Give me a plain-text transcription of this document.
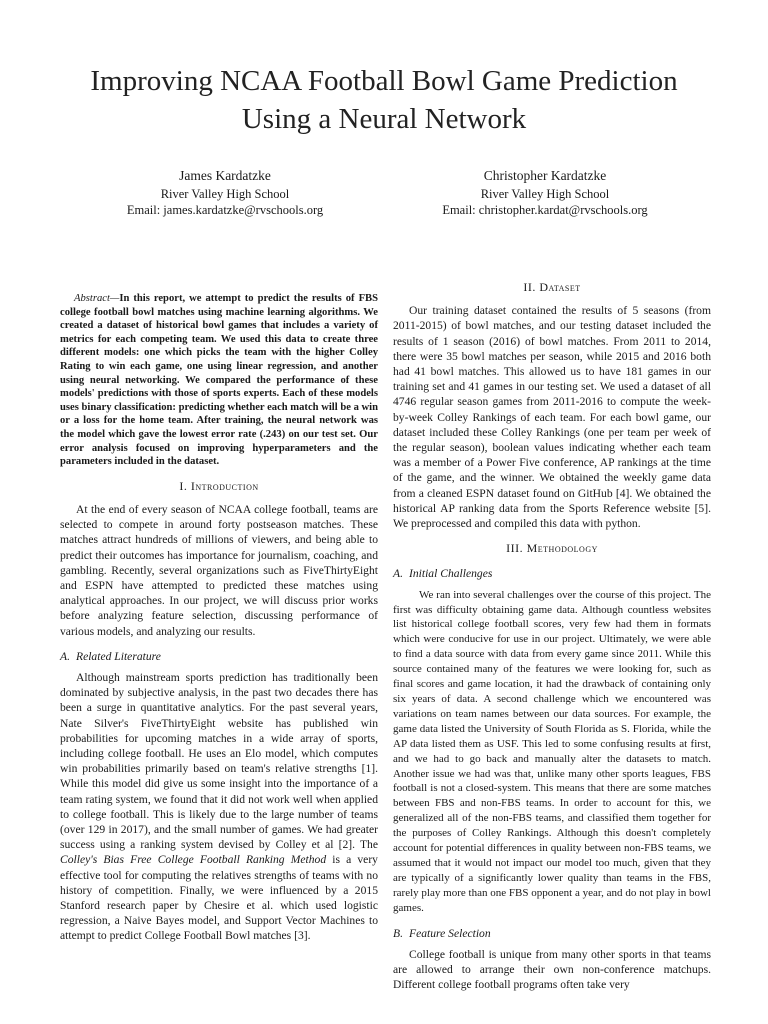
Improving NCAA Football Bowl Game Prediction
Using a Neural Network
James Kardatzke
River Valley High School
Email: james.kardatzke@rvschools.org
Christopher Kardatzke
River Valley High School
Email: christopher.kardat@rvschools.org

Abstract—In this report, we attempt to predict the results of FBS college football bowl matches using machine learning algorithms. We created a dataset of historical bowl games that includes a variety of metrics for each competing team. We used this data to create three different models: one which picks the team with the higher Colley Rating to win each game, one using linear regression, and another using neural networking. We compared the performance of these models' predictions with those of sports experts. Each of these models uses binary classification: predicting whether each match will be a win or a loss for the home team. After training, the neural network was the model which gave the lowest error rate (.243) on our test set. Our error analysis focused on improving hyperparameters and the parameters included in the dataset.

I. Introduction

At the end of every season of NCAA college football, teams are selected to compete in around forty postseason matches. These matches attract hundreds of millions of viewers, and being able to predict their outcomes has importance for journalism, coaching, and gambling. Recently, several organizations such as FiveThirtyEight and ESPN have attempted to predicted these matches using analytical approaches. In our project, we will discuss prior works before analyzing feature selection, discussing performance of various models, and analyzing our results.

A. Related Literature

Although mainstream sports prediction has traditionally been dominated by subjective analysis, in the past two decades there has been a surge in quantitative analytics. For the past several years, Nate Silver's FiveThirtyEight website has published win probabilities for upcoming matches in a wide array of sports, including college football. He uses an Elo model, which computes win probabilities primarily based on team's relative strengths [1]. While this model did give us some insight into the importance of a team rating system, we found that it did not work well when applied to college football. This is likely due to the large number of teams (over 129 in 2017), and the small number of games. We had greater success using a ranking system devised by Colley et al [2]. The Colley's Bias Free College Football Ranking Method is a very effective tool for computing the relatives strengths of teams with no history of competition. Finally, we were influenced by a 2015 Stanford research paper by Chesire et al. which used logistic regression, a Naive Bayes model, and Support Vector Machines to attempt to predict College Football Bowl matches [3].

II. Dataset

Our training dataset contained the results of 5 seasons (from 2011-2015) of bowl matches, and our testing dataset included the results of 1 season (2016) of bowl matches. From 2011 to 2014, there were 35 bowl matches per season, while 2015 and 2016 both had 41 bowl matches. This allowed us to have 181 games in our training set and 41 games in our testing set. We used a dataset of all 4746 regular season games from 2011-2016 to compute the week-by-week Colley Rankings of each team. For each bowl game, our dataset included these Colley Rankings (one per team per week of the regular season), boolean values indicating whether each team was a member of a Power Five conference, AP rankings at the time of the game, and the winner. We obtained the weekly game data from a cleaned ESPN dataset found on GitHub [4]. We obtained the historical AP ranking data from the Sports Reference website [5]. We preprocessed and compiled this data with python.

III. Methodology
A. Initial Challenges

We ran into several challenges over the course of this project. The first was difficulty obtaining game data. Although countless websites list historical college football scores, very few had them in formats which were conducive for use in our project. Ultimately, we were able to find a data source with data from every game since 2011. While this source contained many of the features we were looking for, such as final scores and game location, it had the drawback of containing only six years of data. A second challenge which we encountered was variations on team names between our data sources. For example, the game data listed the University of South Florida as S. Florida, while the AP data listed them as USF. This led to some confusing results at first, and we had to go back and manually alter the datasets to match. Another issue we had was that, unlike many other sports leagues, FBS football is not a closed-system. This means that there are some matches between FBS and non-FBS teams. In order to account for this, we generalized all of the non-FBS teams, and classified them together for the purposes of Colley Rankings. Although this doesn't completely account for potential differences in quality between non-FBS teams, we assumed that it would not impact our model too much, given that they are typically of a significantly lower quality than teams in the FBS, rarely play more than one FBS opponent a year, and do not play in bowl games.

B. Feature Selection

College football is unique from many other sports in that teams are allowed to arrange their own non-conference matchups. Different college football programs often take very
